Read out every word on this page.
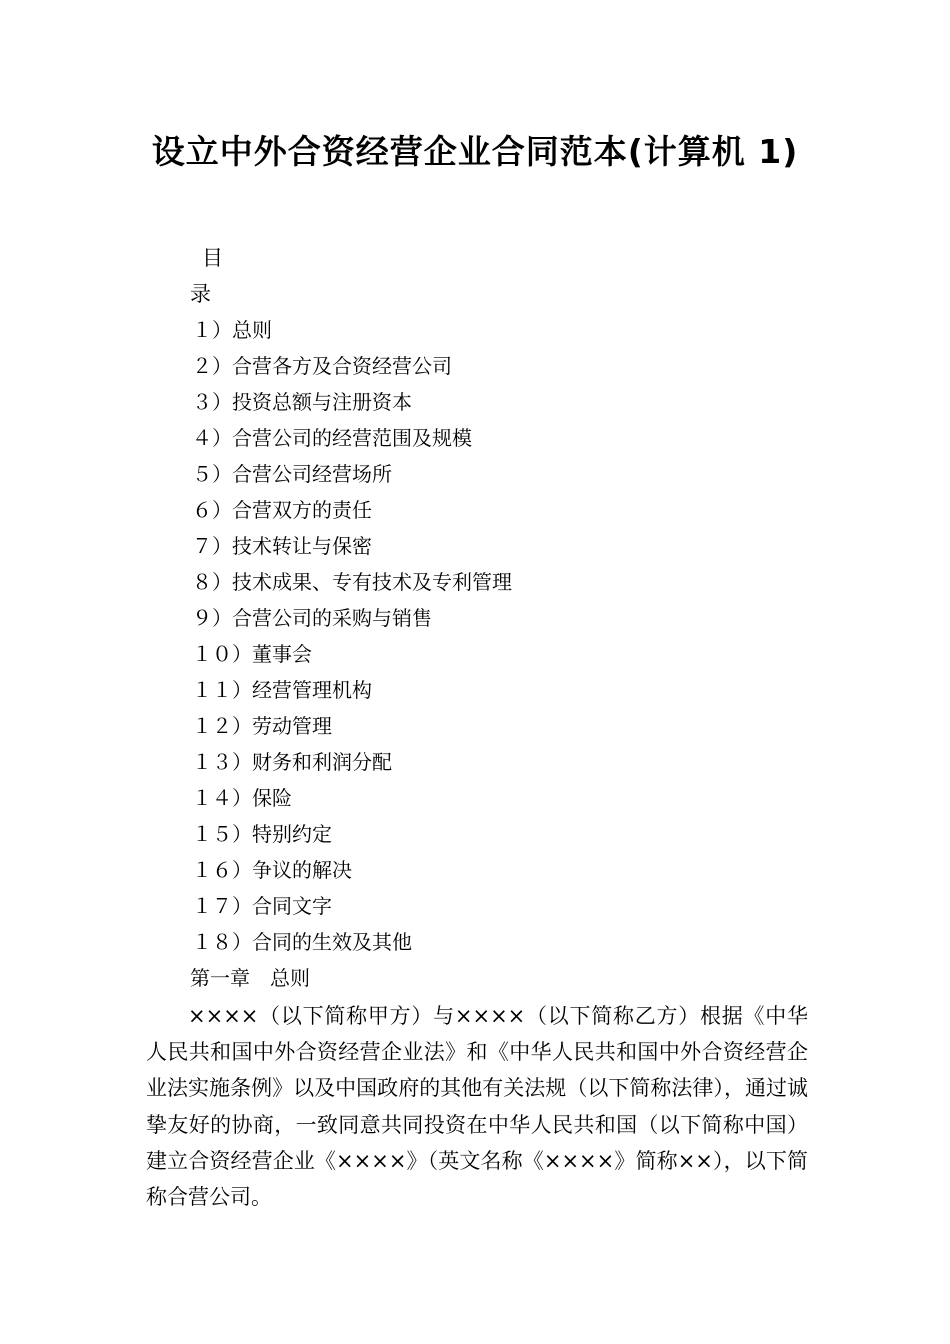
设立中外合资经营企业合同范本(计算机 1)

目

录

１）总则
２）合营各方及合资经营公司
３）投资总额与注册资本
４）合营公司的经营范围及规模
５）合营公司经营场所
６）合营双方的责任
７）技术转让与保密
８）技术成果、专有技术及专利管理
９）合营公司的采购与销售
１０）董事会
１１）经营管理机构
１２）劳动管理
１３）财务和利润分配
１４）保险
１５）特别约定
１６）争议的解决
１７）合同文字
１８）合同的生效及其他

第一章　总则

××××（以下简称甲方）与××××（以下简称乙方）根据《中华人民共和国中外合资经营企业法》和《中华人民共和国中外合资经营企业法实施条例》以及中国政府的其他有关法规（以下简称法律），通过诚挚友好的协商，一致同意共同投资在中华人民共和国（以下简称中国）建立合资经营企业《××××》（英文名称《××××》简称××），以下简称合营公司。
